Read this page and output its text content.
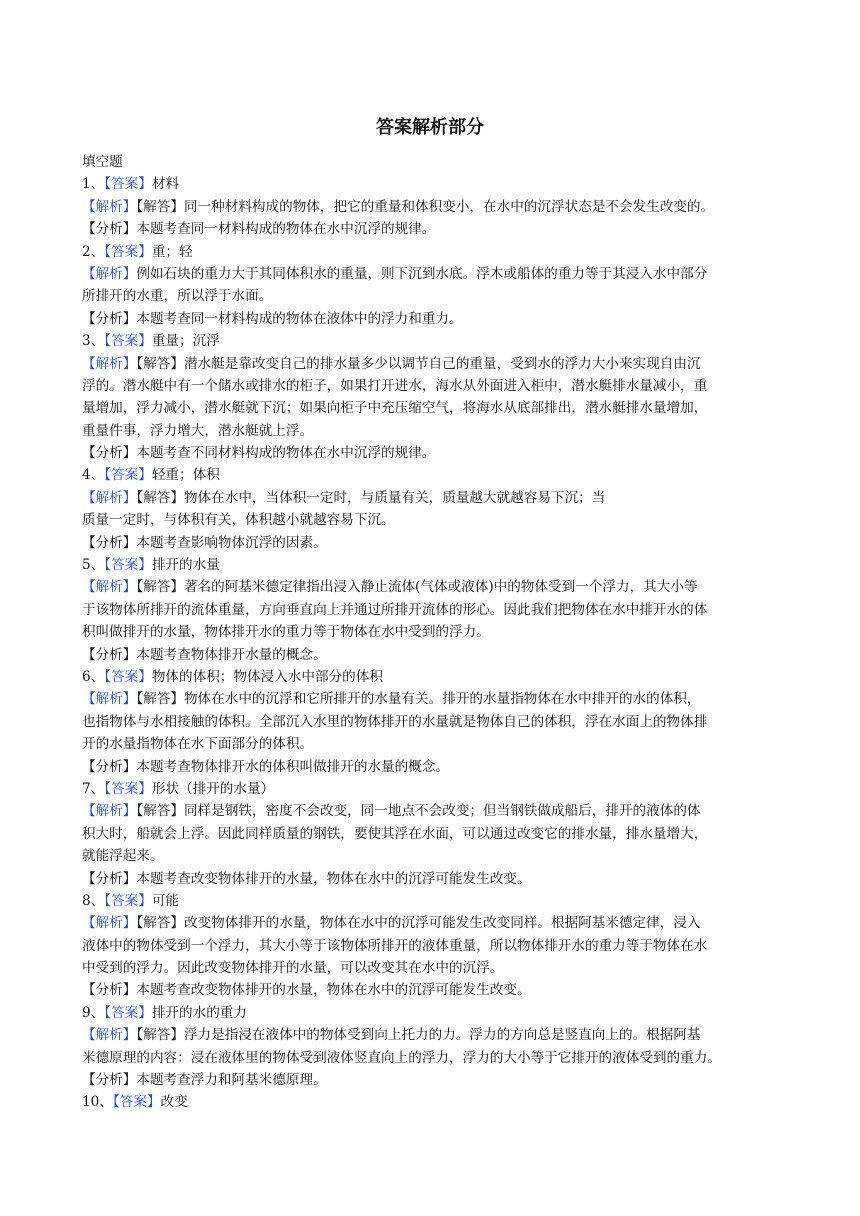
答案解析部分
填空题
1、【答案】材料
【解析】【解答】同一种材料构成的物体，把它的重量和体积变小，在水中的沉浮状态是不会发生改变的。
【分析】本题考查同一材料构成的物体在水中沉浮的规律。
2、【答案】重；轻
【解析】例如石块的重力大于其同体积水的重量，则下沉到水底。浮木或船体的重力等于其浸入水中部分
所排开的水重，所以浮于水面。
【分析】本题考查同一材料构成的物体在液体中的浮力和重力。
3、【答案】重量；沉浮
【解析】【解答】潜水艇是靠改变自己的排水量多少以调节自己的重量，受到水的浮力大小来实现自由沉
浮的。潜水艇中有一个储水或排水的柜子，如果打开进水，海水从外面进入柜中，潜水艇排水量减小，重
量增加，浮力减小，潜水艇就下沉；如果向柜子中充压缩空气，将海水从底部排出，潜水艇排水量增加，
重量件事，浮力增大，潜水艇就上浮。
【分析】本题考查不同材料构成的物体在水中沉浮的规律。
4、【答案】轻重；体积
【解析】【解答】物体在水中，当体积一定时，与质量有关，质量越大就越容易下沉；当
质量一定时，与体积有关，体积越小就越容易下沉。
【分析】本题考查影响物体沉浮的因素。
5、【答案】排开的水量
【解析】【解答】著名的阿基米德定律指出浸入静止流体(气体或液体)中的物体受到一个浮力，其大小等
于该物体所排开的流体重量，方向垂直向上并通过所排开流体的形心。因此我们把物体在水中排开水的体
积叫做排开的水量，物体排开水的重力等于物体在水中受到的浮力。
【分析】本题考查物体排开水量的概念。
6、【答案】物体的体积；物体浸入水中部分的体积
【解析】【解答】物体在水中的沉浮和它所排开的水量有关。排开的水量指物体在水中排开的水的体积，
也指物体与水相接触的体积。全部沉入水里的物体排开的水量就是物体自己的体积，浮在水面上的物体排
开的水量指物体在水下面部分的体积。
【分析】本题考查物体排开水的体积叫做排开的水量的概念。
7、【答案】形状（排开的水量）
【解析】【解答】同样是钢铁，密度不会改变，同一地点不会改变；但当钢铁做成船后，排开的液体的体
积大时，船就会上浮。因此同样质量的钢铁，要使其浮在水面，可以通过改变它的排水量，排水量增大，
就能浮起来。
【分析】本题考查改变物体排开的水量，物体在水中的沉浮可能发生改变。
8、【答案】可能
【解析】【解答】改变物体排开的水量，物体在水中的沉浮可能发生改变同样。根据阿基米德定律，浸入
液体中的物体受到一个浮力，其大小等于该物体所排开的液体重量，所以物体排开水的重力等于物体在水
中受到的浮力。因此改变物体排开的水量，可以改变其在水中的沉浮。
【分析】本题考查改变物体排开的水量，物体在水中的沉浮可能发生改变。
9、【答案】排开的水的重力
【解析】【解答】浮力是指浸在液体中的物体受到向上托力的力。浮力的方向总是竖直向上的。根据阿基
米德原理的内容：浸在液体里的物体受到液体竖直向上的浮力，浮力的大小等于它排开的液体受到的重力。
【分析】本题考查浮力和阿基米德原理。
10、【答案】改变
